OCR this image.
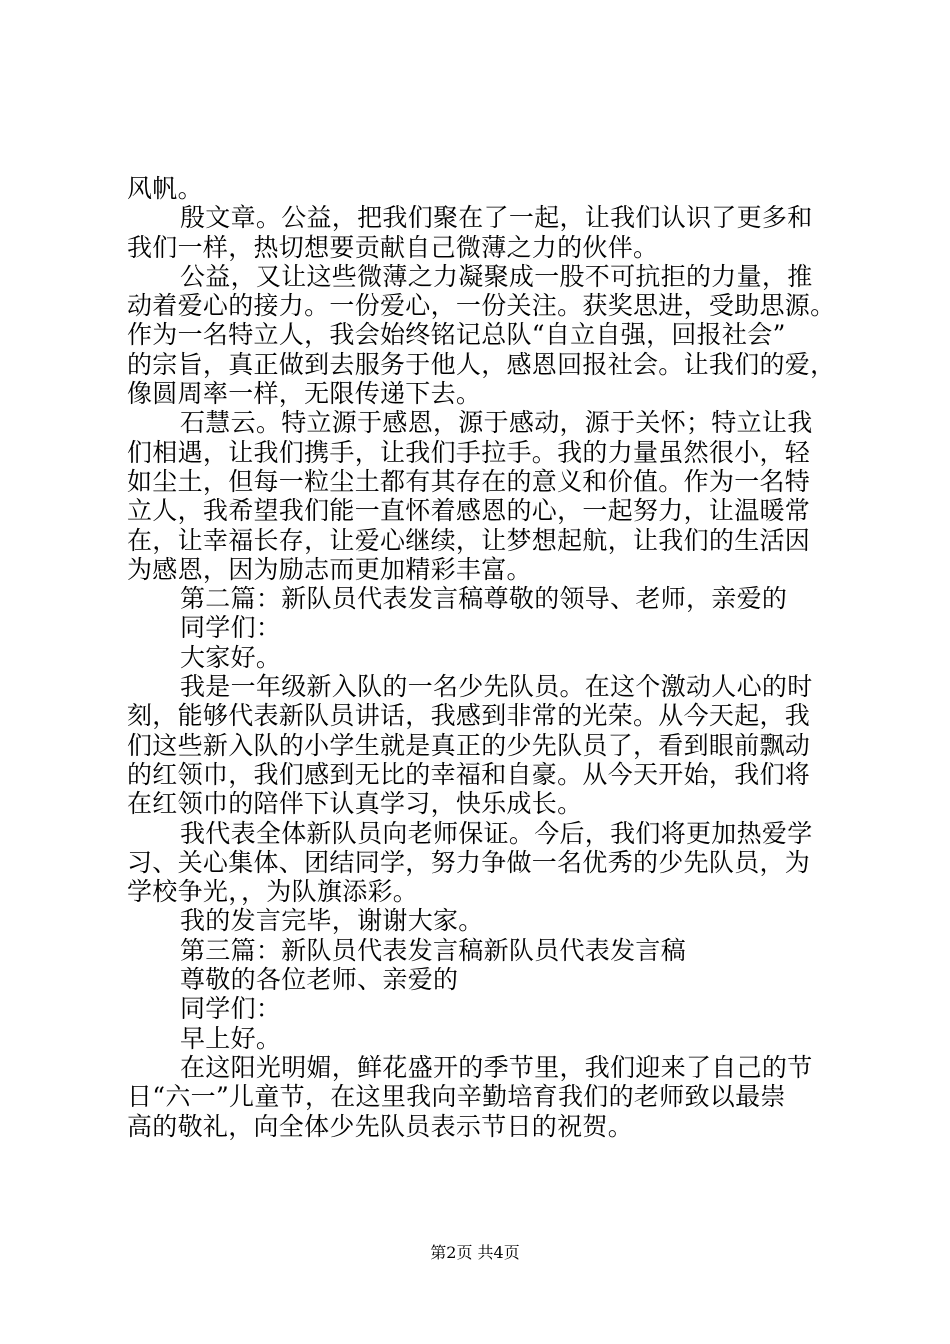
风帆。
殷文章。公益，把我们聚在了一起，让我们认识了更多和
我们一样，热切想要贡献自己微薄之力的伙伴。
公益，又让这些微薄之力凝聚成一股不可抗拒的力量，推
动着爱心的接力。一份爱心，一份关注。获奖思进，受助思源。
作为一名特立人，我会始终铭记总队“自立自强，回报社会”
的宗旨，真正做到去服务于他人，感恩回报社会。让我们的爱，
像圆周率一样，无限传递下去。
石慧云。特立源于感恩，源于感动，源于关怀；特立让我
们相遇，让我们携手，让我们手拉手。我的力量虽然很小，轻
如尘土，但每一粒尘土都有其存在的意义和价值。作为一名特
立人，我希望我们能一直怀着感恩的心，一起努力，让温暖常
在，让幸福长存，让爱心继续，让梦想起航，让我们的生活因
为感恩，因为励志而更加精彩丰富。
第二篇：新队员代表发言稿尊敬的领导、老师，亲爱的
同学们：
大家好。
我是一年级新入队的一名少先队员。在这个激动人心的时
刻，能够代表新队员讲话，我感到非常的光荣。从今天起，我
们这些新入队的小学生就是真正的少先队员了，看到眼前飘动
的红领巾，我们感到无比的幸福和自豪。从今天开始，我们将
在红领巾的陪伴下认真学习，快乐成长。
我代表全体新队员向老师保证。今后，我们将更加热爱学
习、关心集体、团结同学，努力争做一名优秀的少先队员，为
学校争光，，为队旗添彩。
我的发言完毕，谢谢大家。
第三篇：新队员代表发言稿新队员代表发言稿
尊敬的各位老师、亲爱的
同学们：
早上好。
在这阳光明媚，鲜花盛开的季节里，我们迎来了自己的节
日“六一”儿童节，在这里我向辛勤培育我们的老师致以最崇
高的敬礼，向全体少先队员表示节日的祝贺。
第2页 共4页
